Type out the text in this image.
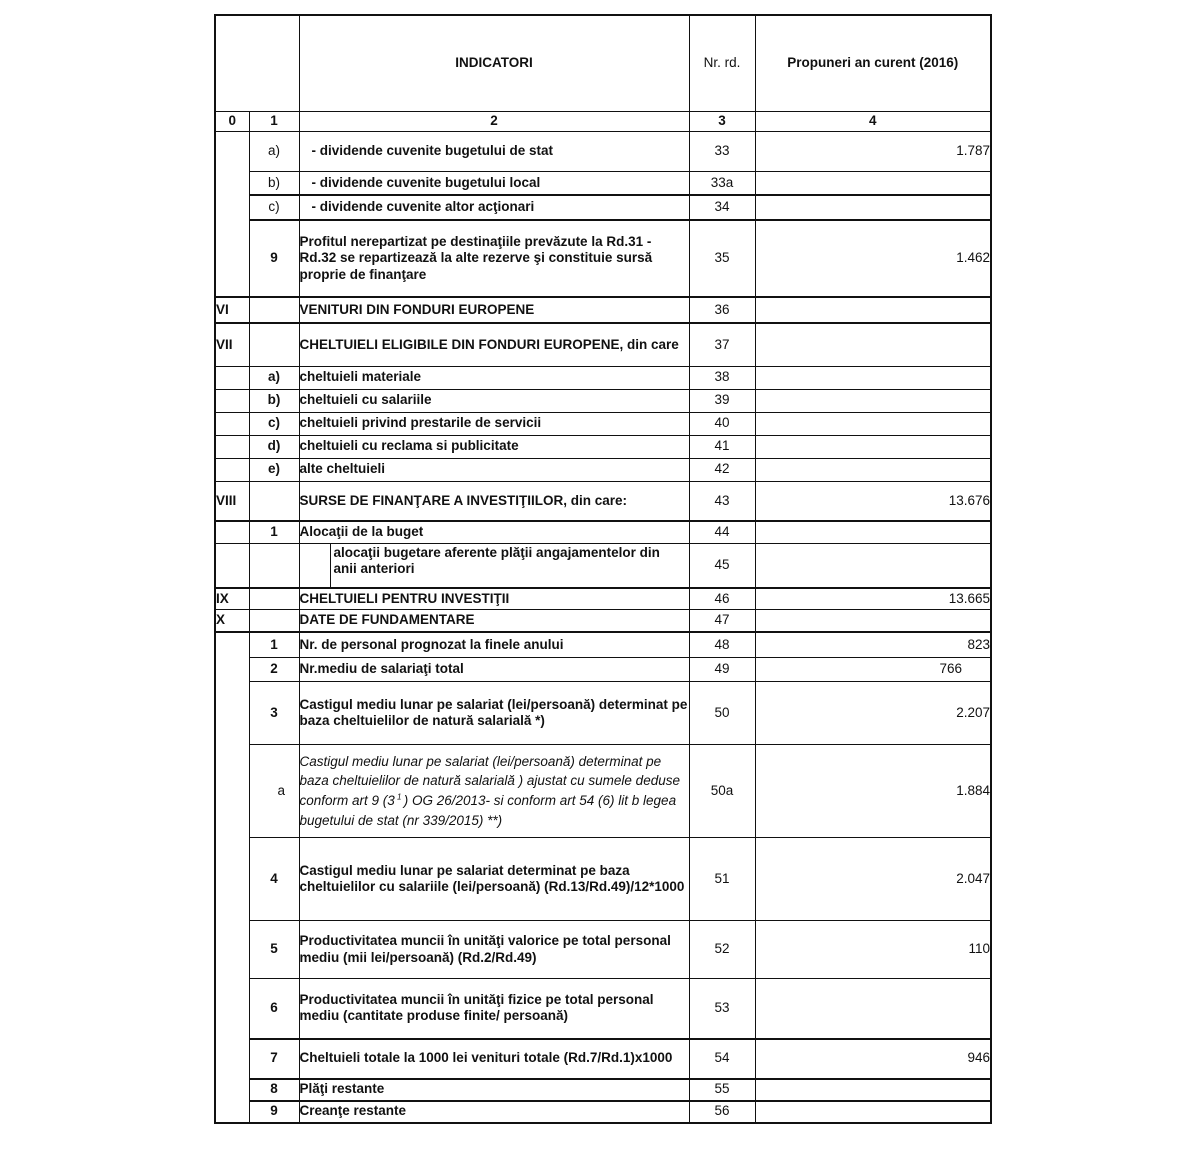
		INDICATORI	Nr. rd.	Propuneri an curent (2016)
0	1	2	3	4
	a)	- dividende cuvenite bugetului de stat	33	1.787
	b)	- dividende cuvenite bugetului local	33a	
	c)	- dividende cuvenite altor acţionari	34	
	9	Profitul nerepartizat pe destinaţiile prevăzute la Rd.31 - Rd.32 se repartizează la alte rezerve şi constituie sursă proprie de finanţare	35	1.462
VI		VENITURI DIN FONDURI EUROPENE	36	
VII		CHELTUIELI ELIGIBILE DIN FONDURI EUROPENE, din care	37	
	a)	cheltuieli materiale	38	
	b)	cheltuieli cu salariile	39	
	c)	cheltuieli privind prestarile de servicii	40	
	d)	cheltuieli cu reclama si publicitate	41	
	e)	alte cheltuieli	42	
VIII		SURSE DE FINANŢARE A INVESTIŢIILOR, din care:	43	13.676
	1	Alocaţii de la buget	44	

		alocaţii bugetare aferente plăţii angajamentelor din anii anteriori	45	
IX		CHELTUIELI PENTRU INVESTIŢII	46	13.665
X		DATE DE FUNDAMENTARE	47	
	1	Nr. de personal prognozat la finele anului	48	823
	2	Nr.mediu de salariaţi total	49	766
	3	Castigul mediu lunar pe salariat (lei/persoană) determinat pe baza cheltuielilor de natură salarială *)	50	2.207
	a	Castigul mediu lunar pe salariat (lei/persoană) determinat pe baza cheltuielilor de natură salarială ) ajustat cu sumele deduse conform art 9 (3 $^1$ ) OG 26/2013- si conform art 54 (6) lit b legea bugetului de stat (nr 339/2015) **)	50a	1.884
	4	Castigul mediu lunar pe salariat determinat pe baza cheltuielilor cu salariile (lei/persoană) (Rd.13/Rd.49)/12*1000	51	2.047
	5	Productivitatea muncii în unităţi valorice pe total personal mediu (mii lei/persoană) (Rd.2/Rd.49)	52	110
	6	Productivitatea muncii în unităţi fizice pe total personal mediu (cantitate produse finite/ persoană)	53	
	7	Cheltuieli totale la 1000 lei venituri totale (Rd.7/Rd.1)x1000	54	946
	8	Plăţi restante	55	
	9	Creanţe restante	56	
